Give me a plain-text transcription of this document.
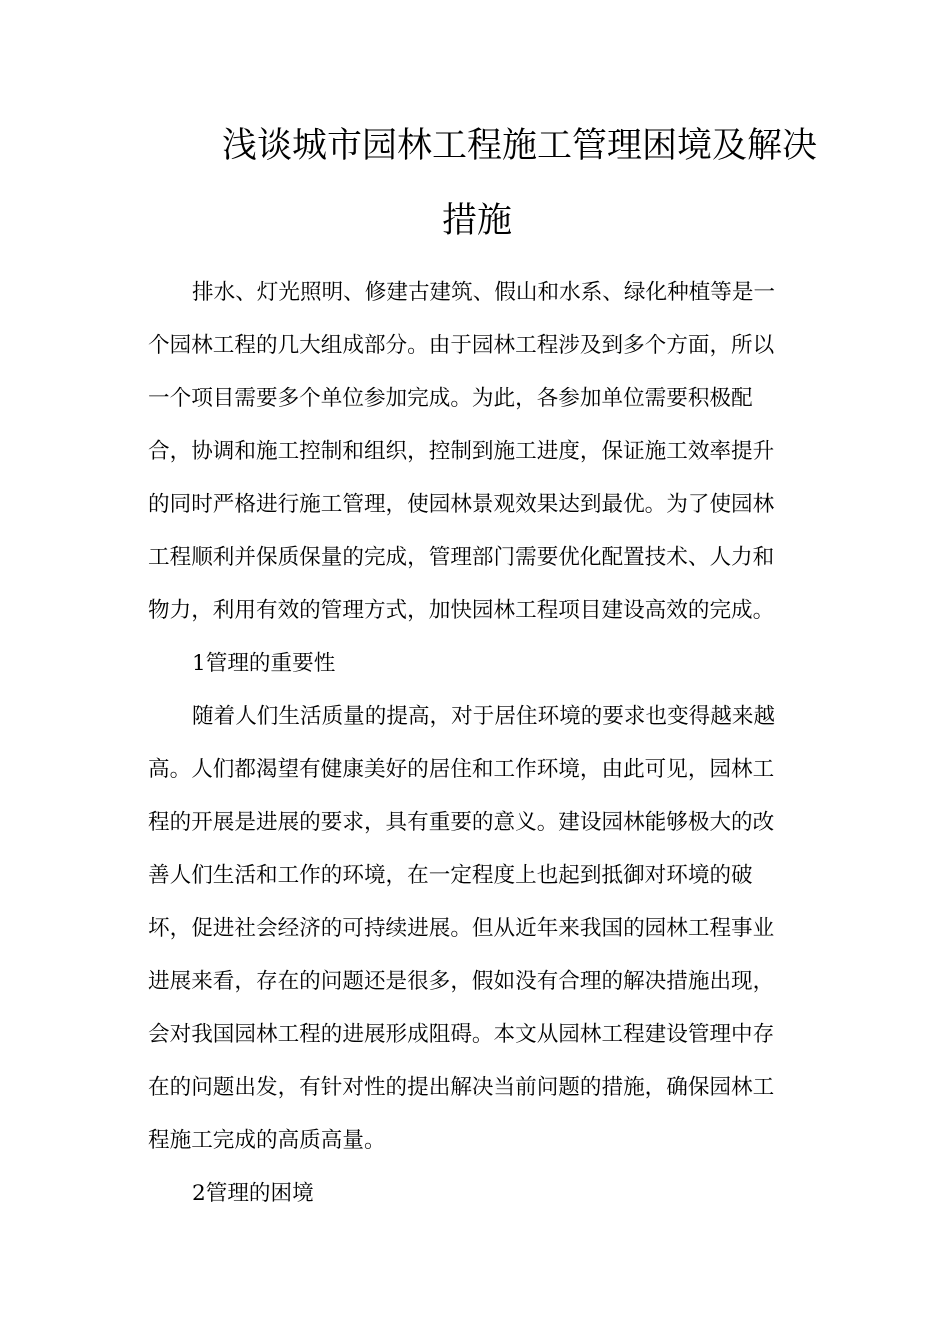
浅谈城市园林工程施工管理困境及解决
措施
排水、灯光照明、修建古建筑、假山和水系、绿化种植等是一
个园林工程的几大组成部分。由于园林工程涉及到多个方面，所以
一个项目需要多个单位参加完成。为此，各参加单位需要积极配
合，协调和施工控制和组织，控制到施工进度，保证施工效率提升
的同时严格进行施工管理，使园林景观效果达到最优。为了使园林
工程顺利并保质保量的完成，管理部门需要优化配置技术、人力和
物力，利用有效的管理方式，加快园林工程项目建设高效的完成。
1管理的重要性
随着人们生活质量的提高，对于居住环境的要求也变得越来越
高。人们都渴望有健康美好的居住和工作环境，由此可见，园林工
程的开展是进展的要求，具有重要的意义。建设园林能够极大的改
善人们生活和工作的环境，在一定程度上也起到抵御对环境的破
坏，促进社会经济的可持续进展。但从近年来我国的园林工程事业
进展来看，存在的问题还是很多，假如没有合理的解决措施出现，
会对我国园林工程的进展形成阻碍。本文从园林工程建设管理中存
在的问题出发，有针对性的提出解决当前问题的措施，确保园林工
程施工完成的高质高量。
2管理的困境
